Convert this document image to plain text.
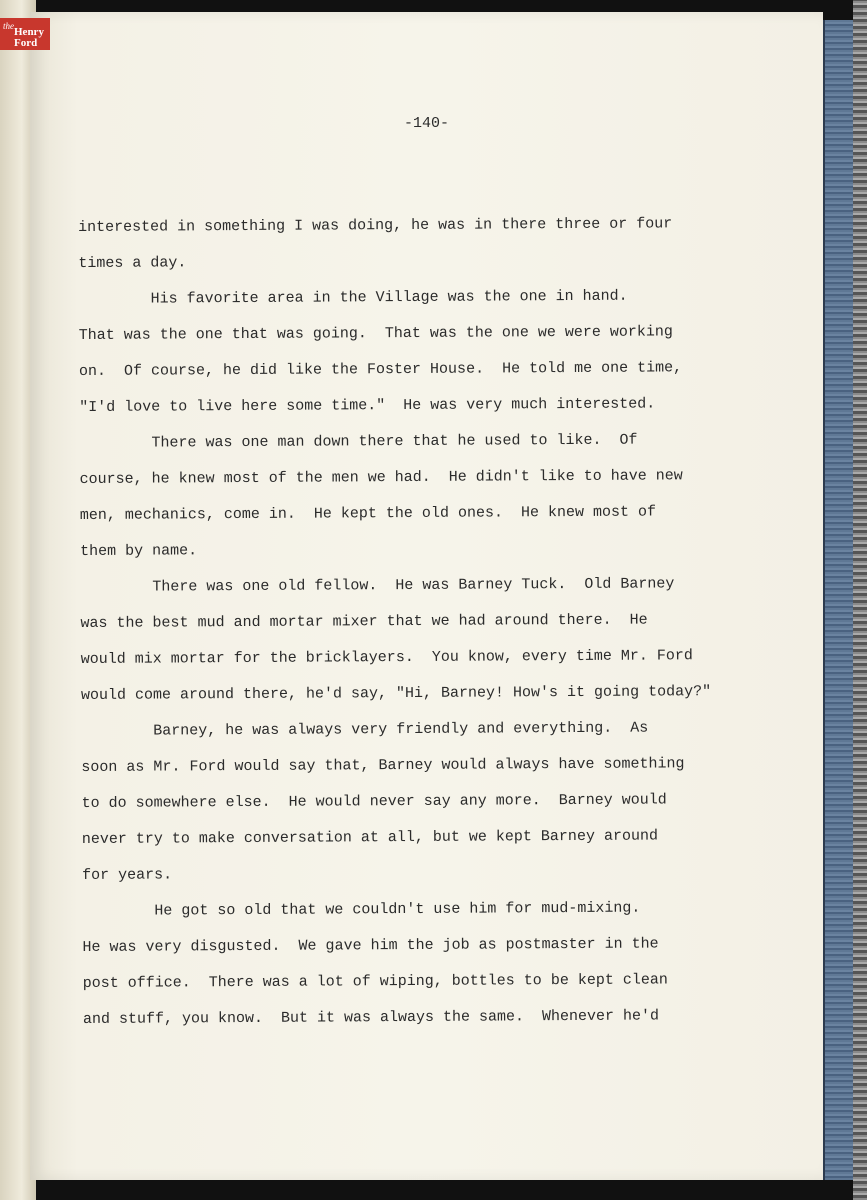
-140-
interested in something I was doing, he was in there three or four
times a day.
His favorite area in the Village was the one in hand.
That was the one that was going.  That was the one we were working
on.  Of course, he did like the Foster House.  He told me one time,
"I'd love to live here some time."  He was very much interested.
There was one man down there that he used to like.  Of
course, he knew most of the men we had.  He didn't like to have new
men, mechanics, come in.  He kept the old ones.  He knew most of
them by name.
There was one old fellow.  He was Barney Tuck.  Old Barney
was the best mud and mortar mixer that we had around there.  He
would mix mortar for the bricklayers.  You know, every time Mr. Ford
would come around there, he'd say, "Hi, Barney! How's it going today?"
Barney, he was always very friendly and everything.  As
soon as Mr. Ford would say that, Barney would always have something
to do somewhere else.  He would never say any more.  Barney would
never try to make conversation at all, but we kept Barney around
for years.
He got so old that we couldn't use him for mud-mixing.
He was very disgusted.  We gave him the job as postmaster in the
post office.  There was a lot of wiping, bottles to be kept clean
and stuff, you know.  But it was always the same.  Whenever he'd
the Henry
Ford
